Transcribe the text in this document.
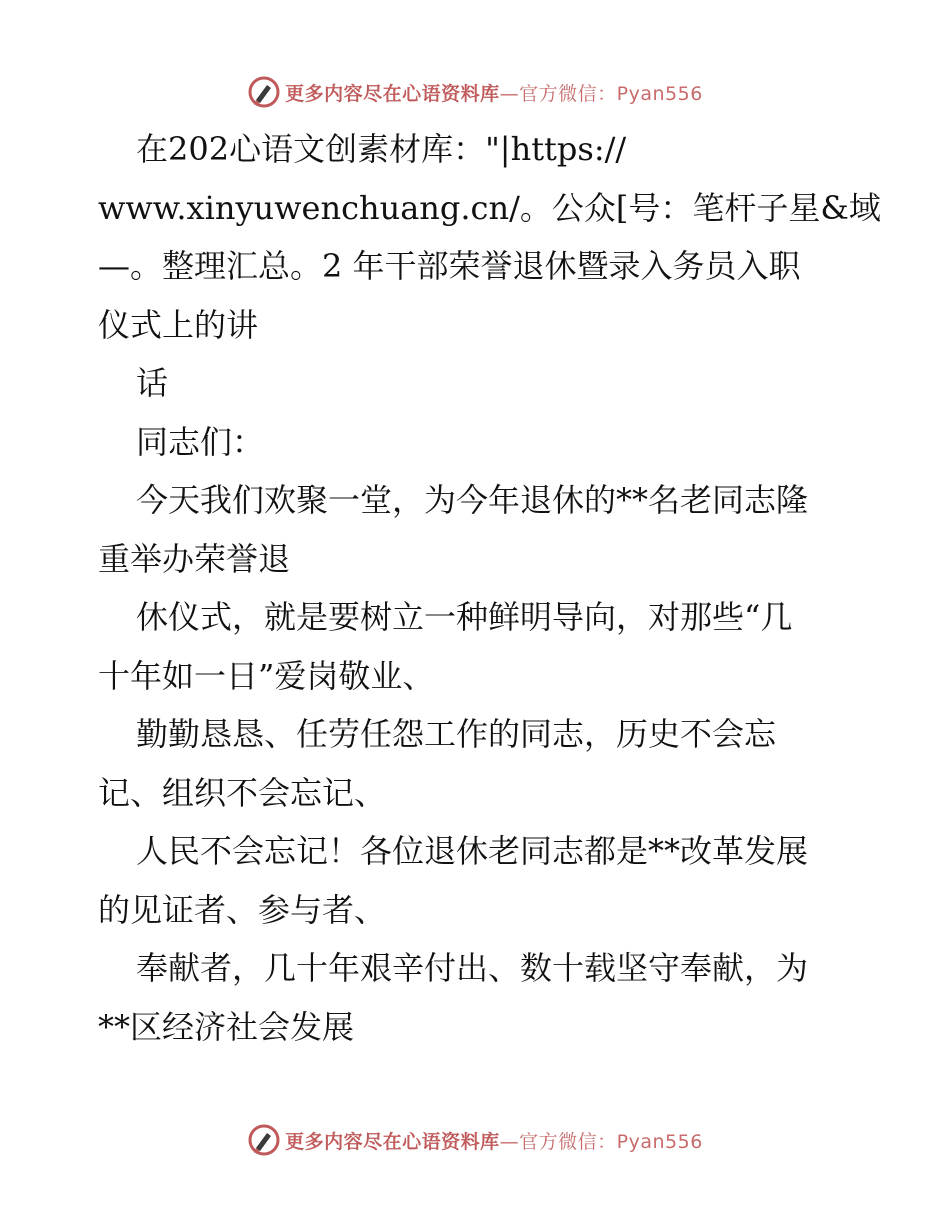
更多内容尽在心语资料库—官方微信：Pyan556

在202心语文创素材库："|https://

www.xinyuwenchuang.cn/。公众[号：笔杆子星&域

—。整理汇总。2 年干部荣誉退休暨录入务员入职

仪式上的讲

话

同志们：

今天我们欢聚一堂，为今年退休的**名老同志隆

重举办荣誉退

休仪式，就是要树立一种鲜明导向，对那些“几

十年如一日”爱岗敬业、

勤勤恳恳、任劳任怨工作的同志，历史不会忘

记、组织不会忘记、

人民不会忘记！各位退休老同志都是**改革发展

的见证者、参与者、

奉献者，几十年艰辛付出、数十载坚守奉献，为

**区经济社会发展

更多内容尽在心语资料库—官方微信：Pyan556
